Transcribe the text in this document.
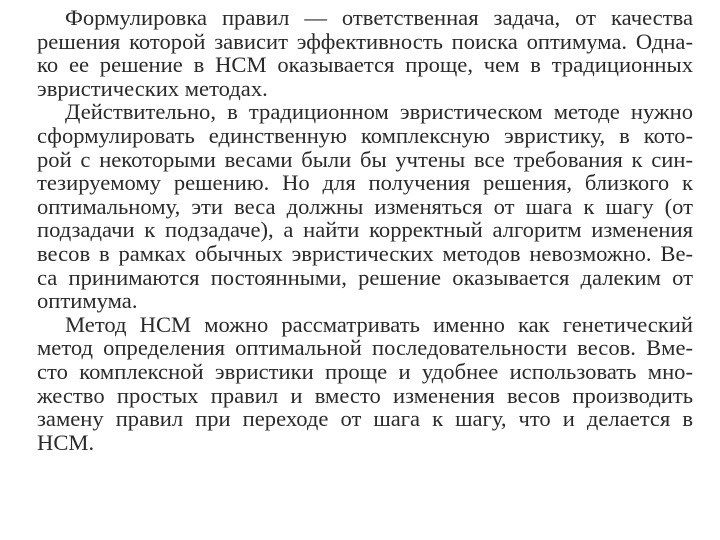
Формулировка правил — ответственная задача, от качества
решения которой зависит эффективность поиска оптимума. Одна-
ко ее решение в НСМ оказывается проще, чем в традиционных
эвристических методах.
Действительно, в традиционном эвристическом методе нужно
сформулировать единственную комплексную эвристику, в кото-
рой с некоторыми весами были бы учтены все требования к син-
тезируемому решению. Но для получения решения, близкого к
оптимальному, эти веса должны изменяться от шага к шагу (от
подзадачи к подзадаче), а найти корректный алгоритм изменения
весов в рамках обычных эвристических методов невозможно. Ве-
са принимаются постоянными, решение оказывается далеким от
оптимума.
Метод НСМ можно рассматривать именно как генетический
метод определения оптимальной последовательности весов. Вме-
сто комплексной эвристики проще и удобнее использовать мно-
жество простых правил и вместо изменения весов производить
замену правил при переходе от шага к шагу, что и делается в
НСМ.
